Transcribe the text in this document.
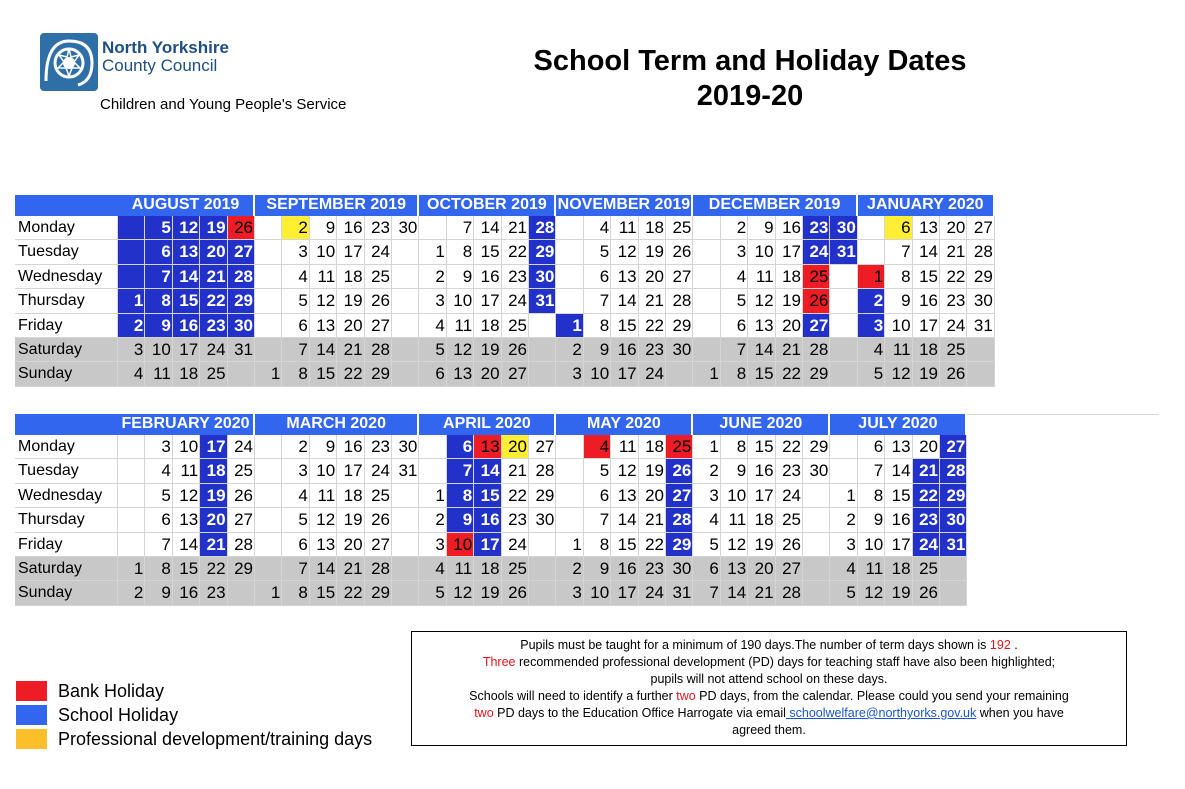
North Yorkshire
County Council
Children and Young People's Service
School Term and Holiday Dates
2019-20
Monday
Tuesday
Wednesday
Thursday
Friday
Saturday
Sunday
AUGUST 2019
1
2
3
4
5
6
7
8
9
10
11
12
13
14
15
16
17
18
19
20
21
22
23
24
25
26
27
28
29
30
31
SEPTEMBER 2019
1
2
3
4
5
6
7
8
9
10
11
12
13
14
15
16
17
18
19
20
21
22
23
24
25
26
27
28
29
30
OCTOBER 2019
1
2
3
4
5
6
7
8
9
10
11
12
13
14
15
16
17
18
19
20
21
22
23
24
25
26
27
28
29
30
31
NOVEMBER 2019
1
2
3
4
5
6
7
8
9
10
11
12
13
14
15
16
17
18
19
20
21
22
23
24
25
26
27
28
29
30
DECEMBER 2019
1
2
3
4
5
6
7
8
9
10
11
12
13
14
15
16
17
18
19
20
21
22
23
24
25
26
27
28
29
30
31
JANUARY 2020
1
2
3
4
5
6
7
8
9
10
11
12
13
14
15
16
17
18
19
20
21
22
23
24
25
26
27
28
29
30
31
Monday
Tuesday
Wednesday
Thursday
Friday
Saturday
Sunday
FEBRUARY 2020
1
2
3
4
5
6
7
8
9
10
11
12
13
14
15
16
17
18
19
20
21
22
23
24
25
26
27
28
29
MARCH 2020
1
2
3
4
5
6
7
8
9
10
11
12
13
14
15
16
17
18
19
20
21
22
23
24
25
26
27
28
29
30
31
APRIL 2020
1
2
3
4
5
6
7
8
9
10
11
12
13
14
15
16
17
18
19
20
21
22
23
24
25
26
27
28
29
30
MAY 2020
1
2
3
4
5
6
7
8
9
10
11
12
13
14
15
16
17
18
19
20
21
22
23
24
25
26
27
28
29
30
31
JUNE 2020
1
2
3
4
5
6
7
8
9
10
11
12
13
14
15
16
17
18
19
20
21
22
23
24
25
26
27
28
29
30
JULY 2020
1
2
3
4
5
6
7
8
9
10
11
12
13
14
15
16
17
18
19
20
21
22
23
24
25
26
27
28
29
30
31
Bank Holiday
School Holiday
Professional development/training days
Pupils must be taught for a minimum of 190 days.The number of term days shown is 192 .
Three recommended professional development (PD) days for teaching staff have also been highlighted;
pupils will not attend school on these days.
Schools will need to identify a further two PD days, from the calendar. Please could you send your remaining
two PD days to the Education Office Harrogate via email schoolwelfare@northyorks.gov.uk when you have
agreed them.
